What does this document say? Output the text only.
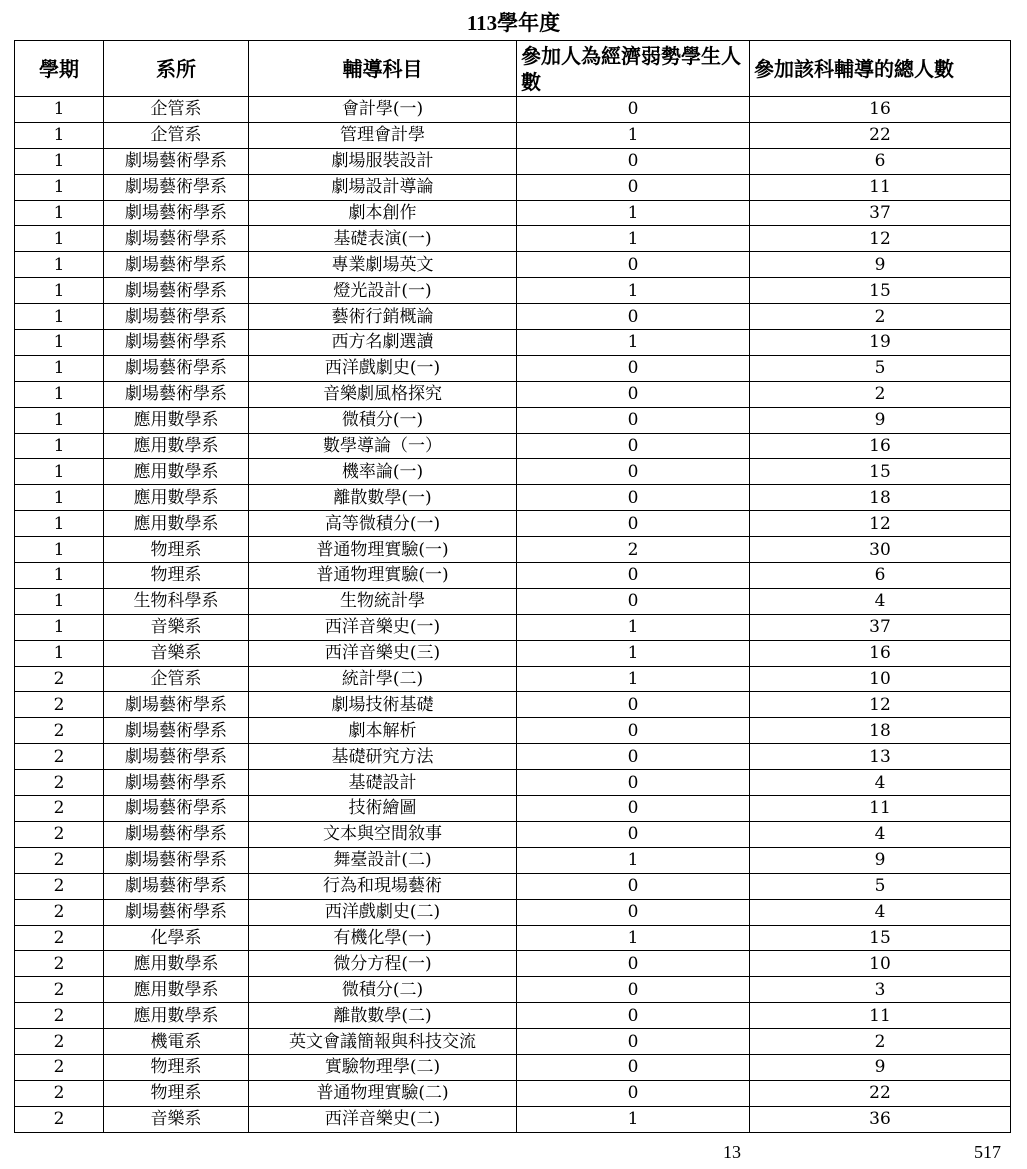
113學年度
學期	系所	輔導科目	參加人為經濟弱勢學生人數	參加該科輔導的總人數
1	企管系	會計學(一)	0	16
1	企管系	管理會計學	1	22
1	劇場藝術學系	劇場服裝設計	0	6
1	劇場藝術學系	劇場設計導論	0	11
1	劇場藝術學系	劇本創作	1	37
1	劇場藝術學系	基礎表演(一)	1	12
1	劇場藝術學系	專業劇場英文	0	9
1	劇場藝術學系	燈光設計(一)	1	15
1	劇場藝術學系	藝術行銷概論	0	2
1	劇場藝術學系	西方名劇選讀	1	19
1	劇場藝術學系	西洋戲劇史(一)	0	5
1	劇場藝術學系	音樂劇風格探究	0	2
1	應用數學系	微積分(一)	0	9
1	應用數學系	數學導論（一）	0	16
1	應用數學系	機率論(一)	0	15
1	應用數學系	離散數學(一)	0	18
1	應用數學系	高等微積分(一)	0	12
1	物理系	普通物理實驗(一)	2	30
1	物理系	普通物理實驗(一)	0	6
1	生物科學系	生物統計學	0	4
1	音樂系	西洋音樂史(一)	1	37
1	音樂系	西洋音樂史(三)	1	16
2	企管系	統計學(二)	1	10
2	劇場藝術學系	劇場技術基礎	0	12
2	劇場藝術學系	劇本解析	0	18
2	劇場藝術學系	基礎研究方法	0	13
2	劇場藝術學系	基礎設計	0	4
2	劇場藝術學系	技術繪圖	0	11
2	劇場藝術學系	文本與空間敘事	0	4
2	劇場藝術學系	舞臺設計(二)	1	9
2	劇場藝術學系	行為和現場藝術	0	5
2	劇場藝術學系	西洋戲劇史(二)	0	4
2	化學系	有機化學(一)	1	15
2	應用數學系	微分方程(一)	0	10
2	應用數學系	微積分(二)	0	3
2	應用數學系	離散數學(二)	0	11
2	機電系	英文會議簡報與科技交流	0	2
2	物理系	實驗物理學(二)	0	9
2	物理系	普通物理實驗(二)	0	22
2	音樂系	西洋音樂史(二)	1	36
13	517
